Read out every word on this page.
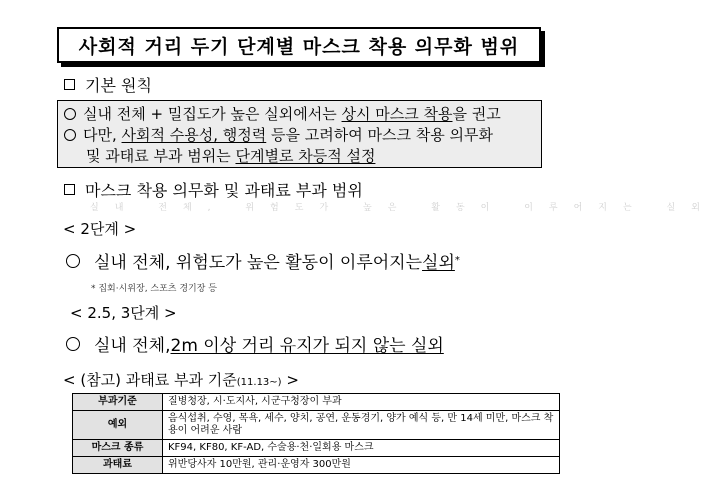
사회적 거리 두기 단계별 마스크 착용 의무화 범위
기본 원칙
실내 전체 + 밀집도가 높은 실외에서는 상시 마스크 착용을 권고
다만, 사회적 수용성, 행정력 등을 고려하여 마스크 착용 의무화
및 과태료 부과 범위는 단계별로 차등적 설정
마스크 착용 의무화 및 과태료 부과 범위
실내 전체, 위험도가 높은 활동이 이루어지는 실외
< 2단계 >
실내 전체, 위험도가 높은 활동이 이루어지는 실외 *
* 집회·시위장, 스포츠 경기장 등
< 2.5, 3단계 >
실내 전체, 2m 이상 거리 유지가 되지 않는 실외
< (참고) 과태료 부과 기준(11.13~) >
부과기준	질병청장, 시·도지사, 시군구청장이 부과
예외	음식섭취, 수영, 목욕, 세수, 양치, 공연, 운동경기, 양가 예식 등, 만 14세 미만, 마스크 착용이 어려운 사람
마스크 종류	KF94, KF80, KF-AD, 수술용·천·일회용 마스크
과태료	위반당사자 10만원, 관리·운영자 300만원
